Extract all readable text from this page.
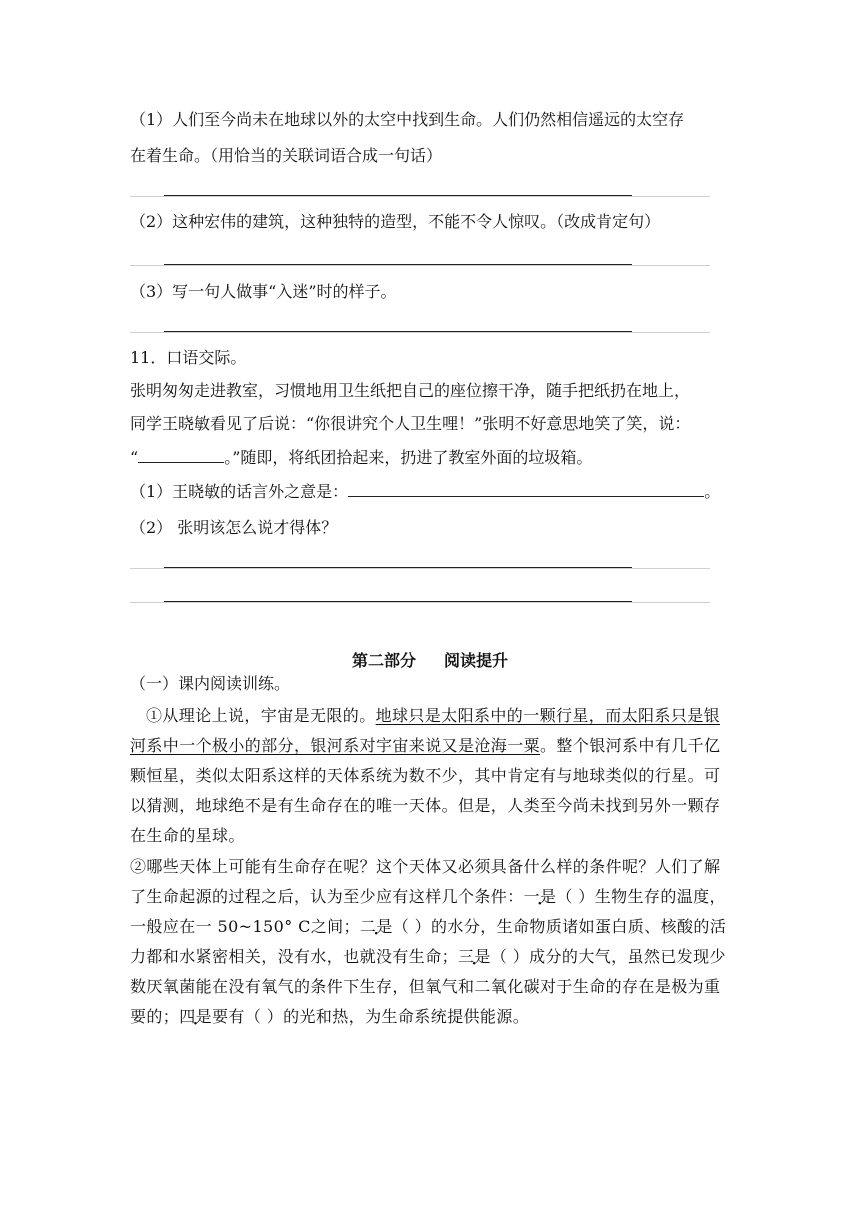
（1）人们至今尚未在地球以外的太空中找到生命。人们仍然相信遥远的太空存
在着生命。（用恰当的关联词语合成一句话）
（2）这种宏伟的建筑，这种独特的造型，不能不令人惊叹。（改成肯定句）
（3）写一句人做事“入迷”时的样子。
11．口语交际。
张明匆匆走进教室，习惯地用卫生纸把自己的座位擦干净，随手把纸扔在地上，
同学王晓敏看见了后说：“你很讲究个人卫生哩！”张明不好意思地笑了笑，说：
“	。”随即，将纸团拾起来，扔进了教室外面的垃圾箱。
（1）王晓敏的话言外之意是：	。
（2） 张明该怎么说才得体？
第二部分 阅读提升
（一）课内阅读训练。
①从理论上说，宇宙是无限的。地球只是太阳系中的一颗行星，而太阳系只是银河系中一个极小的部分，银河系对宇宙来说又是沧海一粟。整个银河系中有几千亿颗恒星，类似太阳系这样的天体系统为数不少，其中肯定有与地球类似的行星。可以猜测，地球绝不是有生命存在的唯一天体。但是，人类至今尚未找到另外一颗存在生命的星球。
②哪些天体上可能有生命存在呢？这个天体又必须具备什么样的条件呢？人们了解了生命起源的过程之后，认为至少应有这样几个条件：一是（ ）生物生存的温度，一般应在一 50~150° C之间；二是（ ）的水分，生命物质诸如蛋白质、核酸的活力都和水紧密相关，没有水，也就没有生命；三是（ ）成分的大气，虽然已发现少数厌氧菌能在没有氧气的条件下生存，但氧气和二氧化碳对于生命的存在是极为重要的；四是要有（ ）的光和热，为生命系统提供能源。
